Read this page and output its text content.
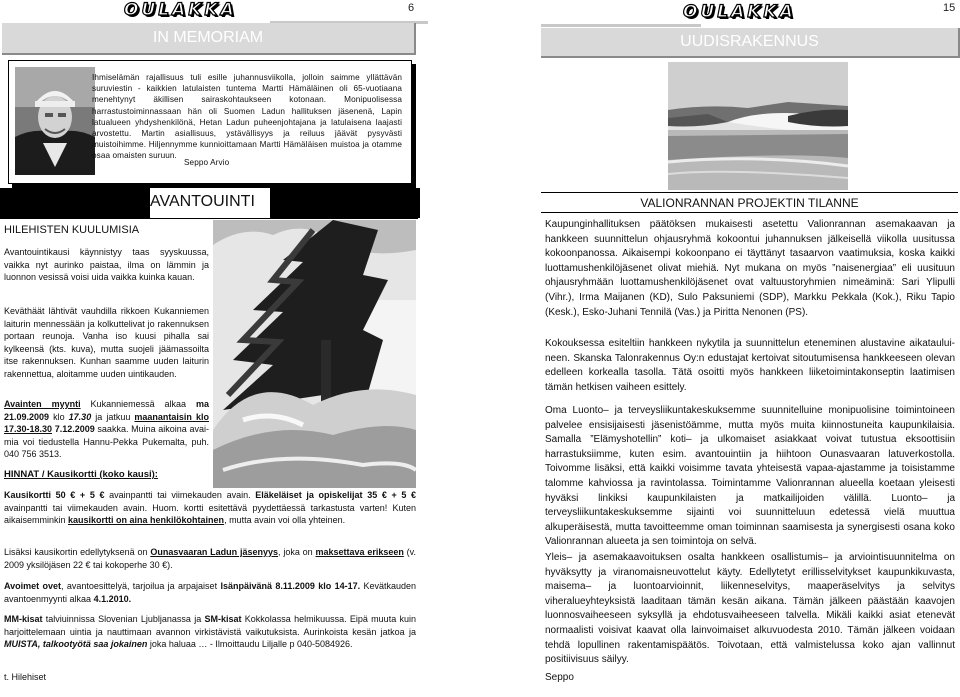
OULAKKA	6
IN MEMORIAM
Ihmiselämän rajallisuus tuli esille juhannusviikolla, jolloin saimme yllättävän suruviestin - kaikkien latulaisten tuntema Martti Hämäläinen oli 65-vuotiaana menehtynyt äkillisen sairaskohtaukseen kotonaan. Monipuolisessa harrastustoiminnassaan hän oli Suomen Ladun hallituksen jäsenenä, Lapin latualueen yhdyshenkilönä, Hetan Ladun puheenjohtajana ja latulaisena laajasti arvostettu. Martin asiallisuus, ystävällisyys ja reiluus jäävät pysyvästi muistoihimme. Hiljennymme kunnioittamaan Martti Hämäläisen muistoa ja otamme osaa omaisten suruun.
Seppo Arvio
AVANTOUINTI
HILEHISTEN KUULUMISIA
Avantouintikausi käynnistyy taas syyskuussa, vaikka nyt aurinko paistaa, ilma on lämmin ja luonnon vesissä voisi uida vaikka kuinka kauan.
Keväthäät lähtivät vauhdilla rikkoen Kukanniemen laiturin mennessään ja kolkuttelivat jo rakennuksen portaan reunoja. Vanha iso kuusi pihalla sai kylkeensä (kts. kuva), mutta suojeli jäämassoilta itse rakennuksen. Kunhan saamme uuden laiturin rakennettua, aloitamme uuden uintikauden.
Avainten myynti Kukanniemessä alkaa ma 21.09.2009 klo 17.30 ja jatkuu maanantaisin klo 17.30-18.30 7.12.2009 saakka. Muina aikoina avai-mia voi tiedustella Hannu-Pekka Pukemalta, puh. 040 756 3513.
HINNAT / Kausikortti (koko kausi):
Kausikortti 50 € + 5 € avainpantti tai viimekauden avain. Eläkeläiset ja opiskelijat 35 € + 5 € avainpantti tai viimekauden avain. Huom. kortti esitettävä pyydettäessä tarkastusta varten! Kuten aikaisemminkin kausikortti on aina henkilökohtainen, mutta avain voi olla yhteinen.
Lisäksi kausikortin edellytyksenä on Ounasvaaran Ladun jäsenyys, joka on maksettava erikseen (v. 2009 yksilöjäsen 22 € tai kokoperhe 30 €).
Avoimet ovet, avantoesittelyä, tarjoilua ja arpajaiset Isänpäivänä 8.11.2009 klo 14-17. Kevätkauden avantoenmyynti alkaa 4.1.2010.
MM-kisat talviuinnissa Slovenian Ljubljanassa ja SM-kisat Kokkolassa helmikuussa. Eipä muuta kuin harjoittelemaan uintia ja nauttimaan avannon virkistävistä vaikutuksista. Aurinkoista kesän jatkoa ja MUISTA, talkootyötä saa jokainen joka haluaa … - Ilmoittaudu Liljalle p 040-5084926.
t. Hilehiset
OULAKKA	15
UUDISRAKENNUS
VALIONRANNAN PROJEKTIN TILANNE
Kaupunginhallituksen päätöksen mukaisesti asetettu Valionrannan asemakaavan ja hankkeen suunnittelun ohjausryhmä kokoontui juhannuksen jälkeisellä viikolla uusitussa kokoonpanossa. Aikaisempi kokoonpano ei täyttänyt tasaarvon vaatimuksia, koska kaikki luottamushenkilöjäsenet olivat miehiä. Nyt mukana on myös ”naisenergiaa” eli uusituun ohjausryhmään luottamushenkilöjäsenet ovat valtuustoryhmien nimeäminä: Sari Ylipulli (Vihr.), Irma Maijanen (KD), Sulo Paksuniemi (SDP), Markku Pekkala (Kok.), Riku Tapio (Kesk.), Esko-Juhani Tennilä (Vas.) ja Piritta Nenonen (PS).
Kokouksessa esiteltiin hankkeen nykytila ja suunnittelun eteneminen alustavine aikataului-neen. Skanska Talonrakennus Oy:n edustajat kertoivat sitoutumisensa hankkeeseen olevan edelleen korkealla tasolla. Tätä osoitti myös hankkeen liiketoimintakonseptin laatimisen tämän hetkisen vaiheen esittely.
Oma Luonto– ja terveysliikuntakeskuksemme suunnitelluine monipuolisine toimintoineen palvelee ensisijaisesti jäsenistöämme, mutta myös muita kiinnostuneita kaupunkilaisia. Samalla ”Elämyshotellin” koti– ja ulkomaiset asiakkaat voivat tutustua eksoottisiin harrastuksiimme, kuten esim. avantouintiin ja hiihtoon Ounasvaaran latuverkostolla. Toivomme lisäksi, että kaikki voisimme tavata yhteisestä vapaa-ajastamme ja toisistamme talomme kahviossa ja ravintolassa. Toimintamme Valionrannan alueella koetaan yleisesti hyväksi linkiksi kaupunkilaisten ja matkailijoiden välillä. Luonto– ja terveysliikuntakeskuksemme sijainti voi suunnitteluun edetessä vielä muuttua alkuperäisestä, mutta tavoitteemme oman toiminnan saamisesta ja synergisesti osana koko Valionrannan alueeta ja sen toimintoja on selvä.
Yleis– ja asemakaavoituksen osalta hankkeen osallistumis– ja arviointisuunnitelma on hyväksytty ja viranomaisneuvottelut käyty. Edellytetyt erillisselvitykset kaupunkikuvasta, maisema– ja luontoarvioinnit, liikenneselvitys, maaperäselvitys ja selvitys viheralueyhteyksistä laaditaan tämän kesän aikana. Tämän jälkeen päästään kaavojen luonnosvaiheeseen syksyllä ja ehdotusvaiheeseen talvella. Mikäli kaikki asiat etenevät normaalisti voisivat kaavat olla lainvoimaiset alkuvuodesta 2010. Tämän jälkeen voidaan tehdä lopullinen rakentamispäätös. Toivotaan, että valmistelussa koko ajan vallinnut positiivisuus säilyy.
Seppo
